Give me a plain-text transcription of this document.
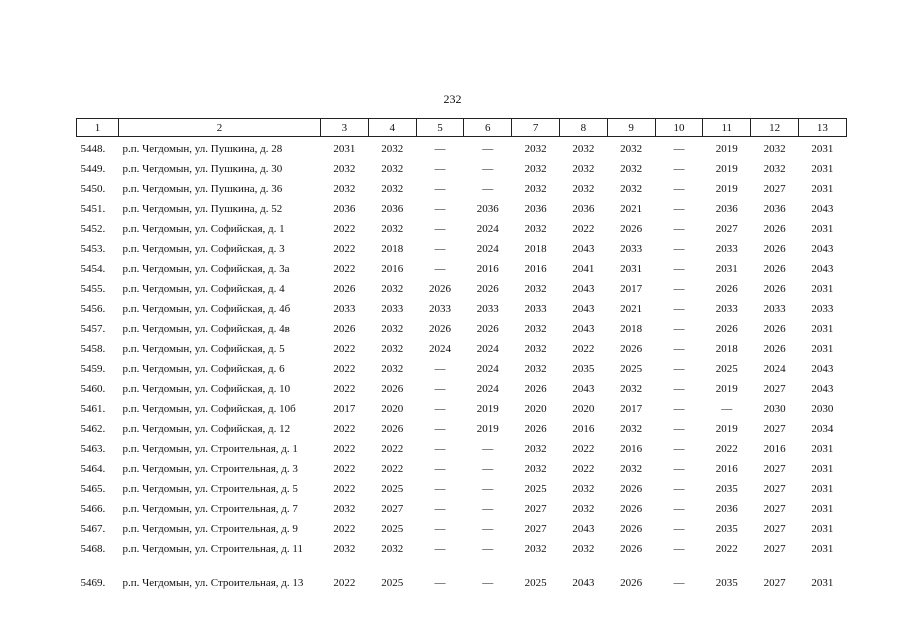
232
1	2	3	4	5	6	7	8	9	10	11	12	13
5448.	р.п. Чегдомын, ул. Пушкина, д. 28	2031	2032	—	—	2032	2032	2032	—	2019	2032	2031
5449.	р.п. Чегдомын, ул. Пушкина, д. 30	2032	2032	—	—	2032	2032	2032	—	2019	2032	2031
5450.	р.п. Чегдомын, ул. Пушкина, д. 36	2032	2032	—	—	2032	2032	2032	—	2019	2027	2031
5451.	р.п. Чегдомын, ул. Пушкина, д. 52	2036	2036	—	2036	2036	2036	2021	—	2036	2036	2043
5452.	р.п. Чегдомын, ул. Софийская, д. 1	2022	2032	—	2024	2032	2022	2026	—	2027	2026	2031
5453.	р.п. Чегдомын, ул. Софийская, д. 3	2022	2018	—	2024	2018	2043	2033	—	2033	2026	2043
5454.	р.п. Чегдомын, ул. Софийская, д. 3а	2022	2016	—	2016	2016	2041	2031	—	2031	2026	2043
5455.	р.п. Чегдомын, ул. Софийская, д. 4	2026	2032	2026	2026	2032	2043	2017	—	2026	2026	2031
5456.	р.п. Чегдомын, ул. Софийская, д. 4б	2033	2033	2033	2033	2033	2043	2021	—	2033	2033	2033
5457.	р.п. Чегдомын, ул. Софийская, д. 4в	2026	2032	2026	2026	2032	2043	2018	—	2026	2026	2031
5458.	р.п. Чегдомын, ул. Софийская, д. 5	2022	2032	2024	2024	2032	2022	2026	—	2018	2026	2031
5459.	р.п. Чегдомын, ул. Софийская, д. 6	2022	2032	—	2024	2032	2035	2025	—	2025	2024	2043
5460.	р.п. Чегдомын, ул. Софийская, д. 10	2022	2026	—	2024	2026	2043	2032	—	2019	2027	2043
5461.	р.п. Чегдомын, ул. Софийская, д. 10б	2017	2020	—	2019	2020	2020	2017	—	—	2030	2030
5462.	р.п. Чегдомын, ул. Софийская, д. 12	2022	2026	—	2019	2026	2016	2032	—	2019	2027	2034
5463.	р.п. Чегдомын, ул. Строительная, д. 1	2022	2022	—	—	2032	2022	2016	—	2022	2016	2031
5464.	р.п. Чегдомын, ул. Строительная, д. 3	2022	2022	—	—	2032	2022	2032	—	2016	2027	2031
5465.	р.п. Чегдомын, ул. Строительная, д. 5	2022	2025	—	—	2025	2032	2026	—	2035	2027	2031
5466.	р.п. Чегдомын, ул. Строительная, д. 7	2032	2027	—	—	2027	2032	2026	—	2036	2027	2031
5467.	р.п. Чегдомын, ул. Строительная, д. 9	2022	2025	—	—	2027	2043	2026	—	2035	2027	2031
5468.	р.п. Чегдомын, ул. Строительная, д. 11	2032	2032	—	—	2032	2032	2026	—	2022	2027	2031

5469.	р.п. Чегдомын, ул. Строительная, д. 13	2022	2025	—	—	2025	2043	2026	—	2035	2027	2031
